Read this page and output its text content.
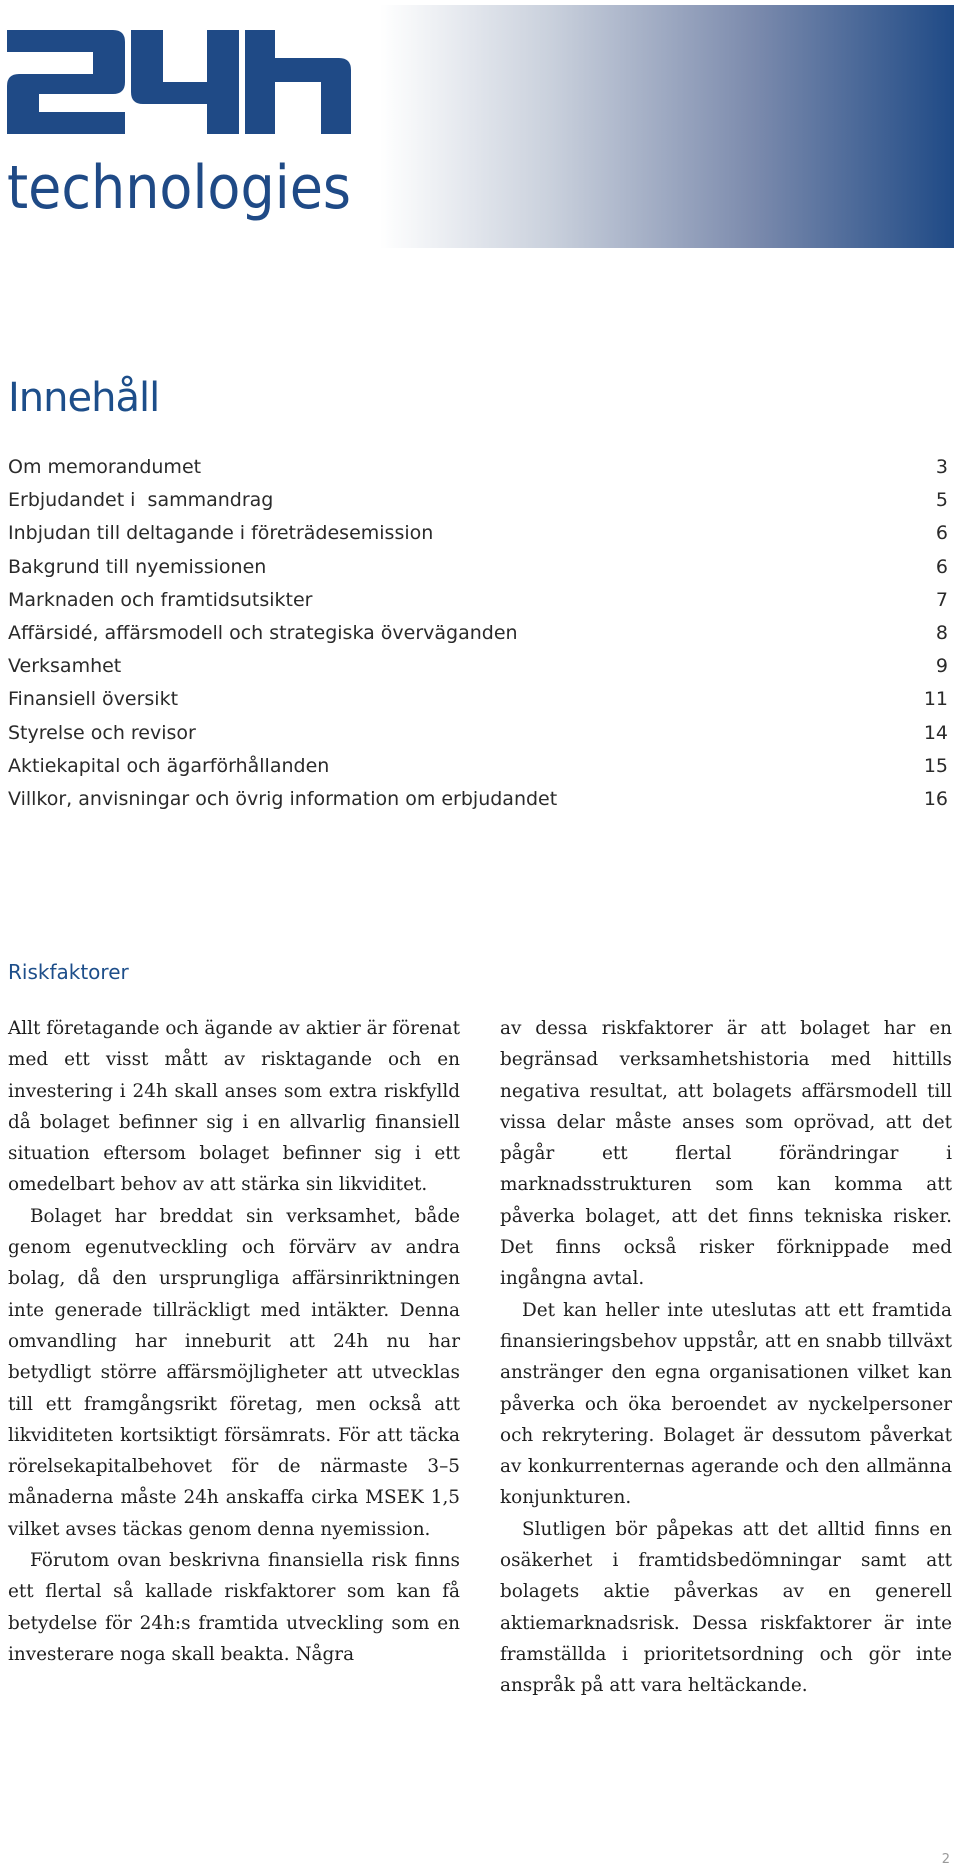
technologies
Innehåll
Om memorandumet	3
Erbjudandet i  sammandrag	5
Inbjudan till deltagande i företrädesemission	6
Bakgrund till nyemissionen	6
Marknaden och framtidsutsikter	7
Affärsidé, affärsmodell och strategiska överväganden	8
Verksamhet	9
Finansiell översikt	11
Styrelse och revisor	14
Aktiekapital och ägarförhållanden	15
Villkor, anvisningar och övrig information om erbjudandet	16
Riskfaktorer

Allt företagande och ägande av aktier är förenat med ett visst mått av risktagande och en investering i 24h skall anses som extra riskfylld då bolaget befinner sig i en allvarlig finansiell situation eftersom bolaget befinner sig i ett omedelbart behov av att stärka sin likviditet.

Bolaget har breddat sin verksamhet, både genom egenutveckling och förvärv av andra bolag, då den ursprungliga affärsinriktningen inte generade tillräckligt med intäkter. Denna omvandling har inneburit att 24h nu har betydligt större affärsmöjligheter att utvecklas till ett framgångsrikt företag, men också att likviditeten kortsiktigt försämrats. För att täcka rörelsekapitalbehovet för de närmaste 3–5 månaderna måste 24h anskaffa cirka MSEK 1,5 vilket avses täckas genom denna nyemission.

Förutom ovan beskrivna finansiella risk finns ett flertal så kallade riskfaktorer som kan få betydelse för 24h:s framtida utveckling som en investerare noga skall beakta. Några

av dessa riskfaktorer är att bolaget har en begränsad verksamhetshistoria med hittills negativa resultat, att bolagets affärsmodell till vissa delar måste anses som oprövad, att det pågår ett flertal förändringar i marknadsstrukturen som kan komma att påverka bolaget, att det finns tekniska risker. Det finns också risker förknippade med ingångna avtal.

Det kan heller inte uteslutas att ett framtida finansieringsbehov uppstår, att en snabb tillväxt anstränger den egna organisationen vilket kan påverka och öka beroendet av nyckelpersoner och rekrytering. Bolaget är dessutom påverkat av konkurrenternas agerande och den allmänna konjunkturen.

Slutligen bör påpekas att det alltid finns en osäkerhet i framtidsbedömningar samt att bolagets aktie påverkas av en generell aktiemarknadsrisk. Dessa riskfaktorer är inte framställda i prioritetsordning och gör inte anspråk på att vara heltäckande.

2
